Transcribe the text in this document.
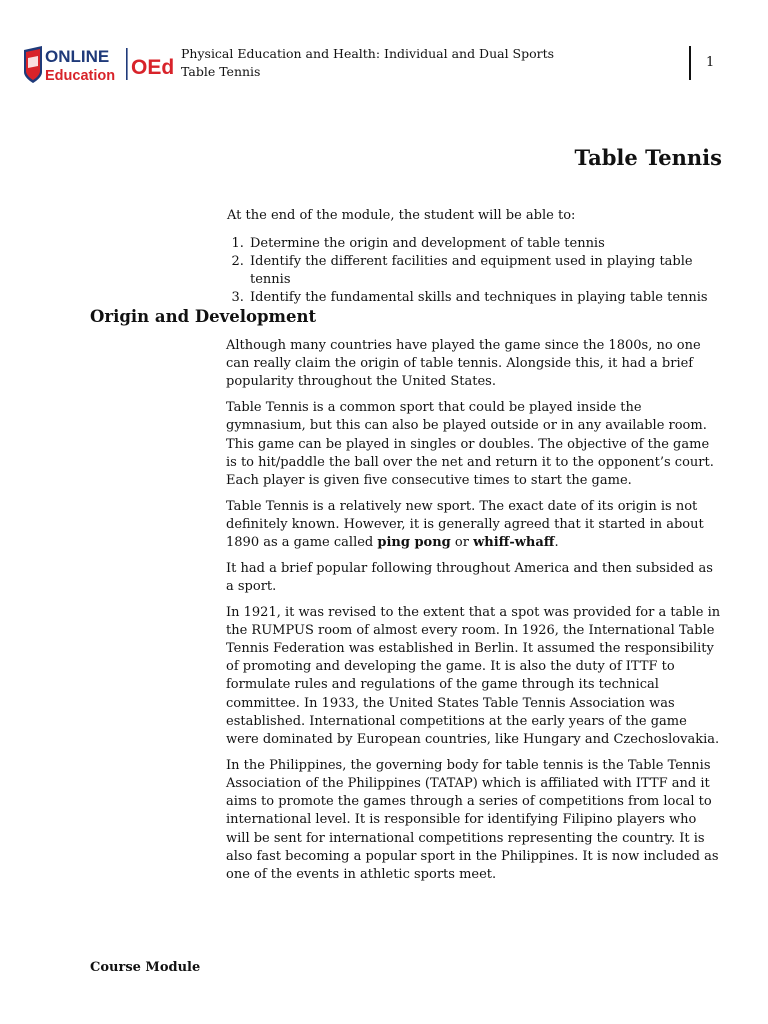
ONLINE
Education OEd
Physical Education and Health: Individual and Dual Sports
Table Tennis
1
Table Tennis

At the end of the module, the student will be able to:

1. Determine the origin and development of table tennis
2. Identify the different facilities and equipment used in playing table tennis
3. Identify the fundamental skills and techniques in playing table tennis
Origin and Development

Although many countries have played the game since the 1800s, no one can really claim the origin of table tennis. Alongside this, it had a brief popularity throughout the United States.

Table Tennis is a common sport that could be played inside the gymnasium, but this can also be played outside or in any available room. This game can be played in singles or doubles. The objective of the game is to hit/paddle the ball over the net and return it to the opponent’s court. Each player is given five consecutive times to start the game.

Table Tennis is a relatively new sport. The exact date of its origin is not definitely known. However, it is generally agreed that it started in about 1890 as a game called ping pong or whiff-whaff.

It had a brief popular following throughout America and then subsided as a sport.

In 1921, it was revised to the extent that a spot was provided for a table in the RUMPUS room of almost every room. In 1926, the International Table Tennis Federation was established in Berlin. It assumed the responsibility of promoting and developing the game. It is also the duty of ITTF to formulate rules and regulations of the game through its technical committee. In 1933, the United States Table Tennis Association was established. International competitions at the early years of the game were dominated by European countries, like Hungary and Czechoslovakia.

In the Philippines, the governing body for table tennis is the Table Tennis Association of the Philippines (TATAP) which is affiliated with ITTF and it aims to promote the games through a series of competitions from local to international level. It is responsible for identifying Filipino players who will be sent for international competitions representing the country. It is also fast becoming a popular sport in the Philippines. It is now included as one of the events in athletic sports meet.

Course Module
